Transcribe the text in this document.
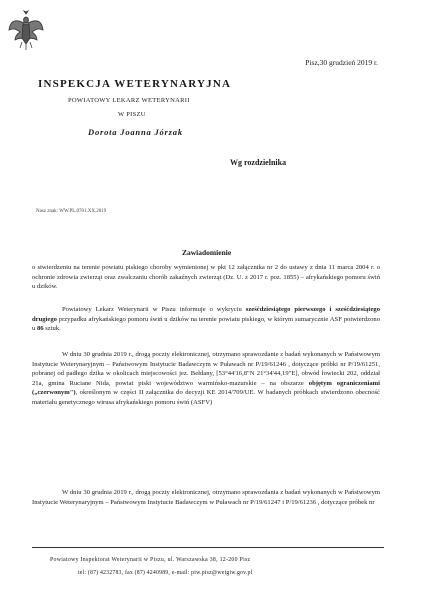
Pisz,30 grudzień 2019 r.
INSPEKCJA WETERYNARYJNA
POWIATOWY LEKARZ WETERYNARII
W PISZU
Dorota Joanna Jórzak
Wg rozdzielnika
Nasz znak: WW.PL.0701.XX.2019
Zawiadomienie
o stwierdzeniu na terenie powiatu piskiego choroby wymienionej w pkt 12 załącznika nr 2 do ustawy z dnia 11 marca 2004 r. o ochronie zdrowia zwierząt oraz zwalczaniu chorób zakaźnych zwierząt (Dz. U. z 2017 r. poz. 1855) – afrykańskiego pomoru świń u dzików.
Powiatowy Lekarz Weterynarii w Piszu informuje o wykryciu sześćdziesiątego pierwszego i sześćdziesiątego drugiego przypadku afrykańskiego pomoru świń u dzików na terenie powiatu piskiego, w którym sumarycznie ASF potwierdzono u 86 sztuk.
W dniu 30 grudnia 2019 r., drogą poczty elektronicznej, otrzymano sprawozdanie z badań wykonanych w Państwowym Instytucie Weterynaryjnym – Państwowym Instytucie Badawczym w Puławach nr P/19/61246 , dotyczące próbki nr P/19/61251, pobranej od padłego dzika w okolicach miejscowości jez. Bełdany, [53°44'16,8"N 21°34'44,19"E], obwód łowiecki 202, oddział 21a, gmina Ruciane Nida, powiat piski województwo warmińsko-mazurskie – na obszarze objętym ograniczeniami („czerwonym"), określonym w części II załącznika do decyzji KE 2014/709/UE. W badanych próbkach stwierdzono obecność materiału genetycznego wirusa afrykańskiego pomoru świń (ASFV)
W dniu 30 grudnia 2019 r., drogą poczty elektronicznej, otrzymano sprawozdania z badań wykonanych w Państwowym Instytucie Weterynaryjnym – Państwowym Instytucie Badawczym w Puławach nr P/19/61247 i P/19/61236 , dotyczące próbek nr
Powiatowy Inspektorat Weterynarii w Piszu, ul. Warszawska 38, 12-200 Pisz
tel: (87) 4232783, fax (87) 4240989, e-mail: piw.pisz@wetgiw.gov.pl
